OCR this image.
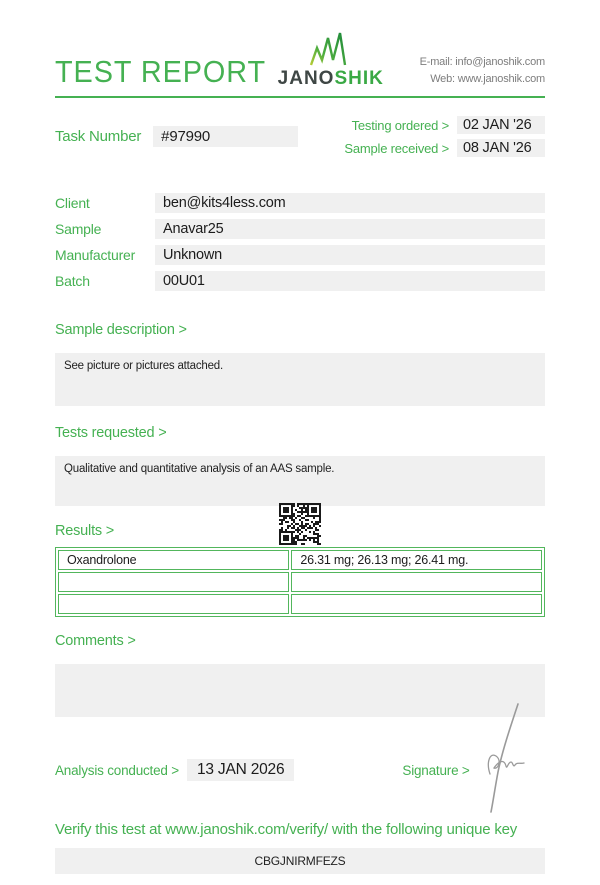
TEST REPORT JANOSHIK
E-mail: info@janoshik.com
Web: www.janoshik.com
Task Number	#97990
Testing ordered > 02 JAN '26
Sample received > 08 JAN '26
Client	ben@kits4less.com
Sample	Anavar25
Manufacturer	Unknown
Batch	00U01
Sample description >
See picture or pictures attached.
Tests requested >
Qualitative and quantitative analysis of an AAS sample.
Results >
Oxandrolone	26.31 mg; 26.13 mg; 26.41 mg.

Comments >
Analysis conducted >	13 JAN 2026	Signature >
Verify this test at www.janoshik.com/verify/ with the following unique key
CBGJNIRMFEZS
